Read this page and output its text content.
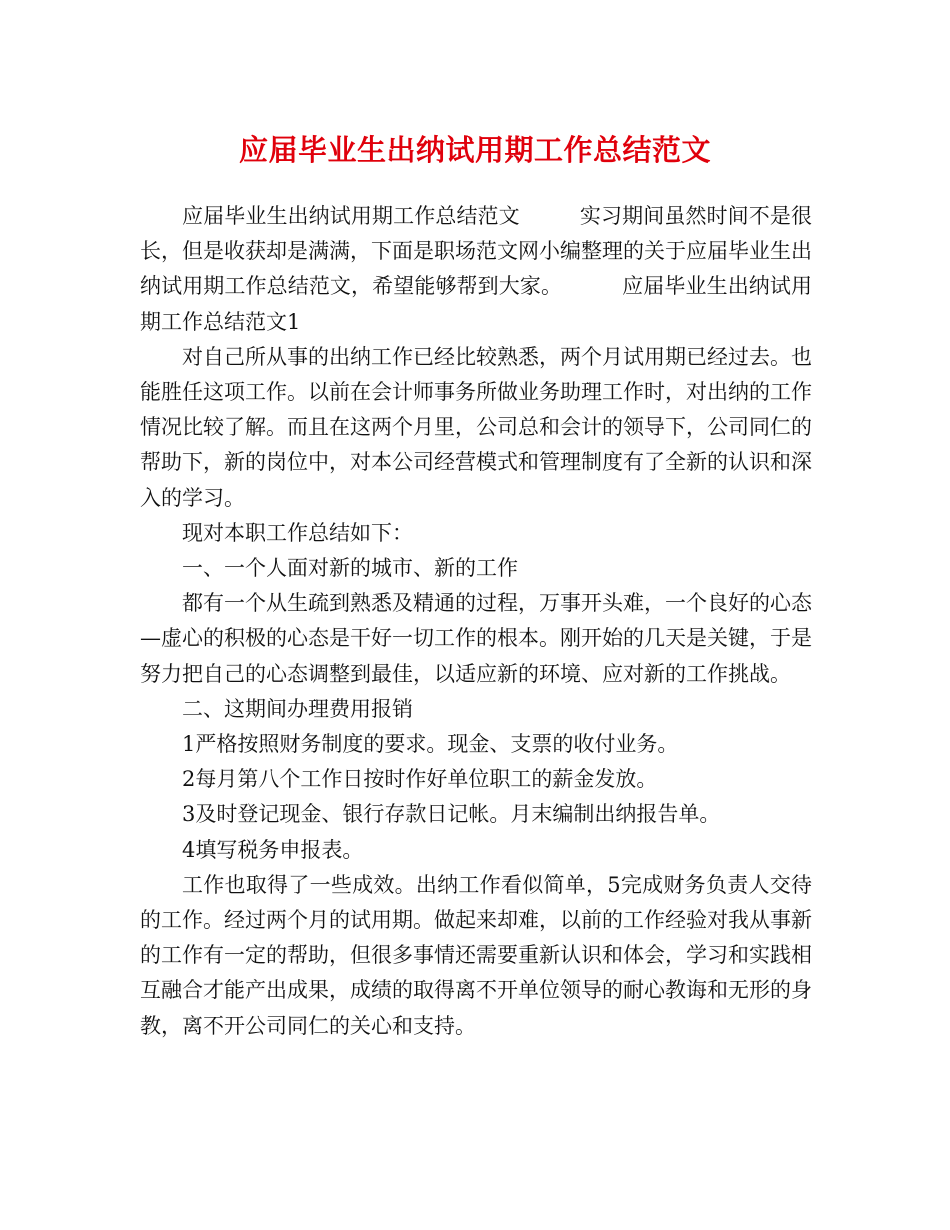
应届毕业生出纳试用期工作总结范文

应届毕业生出纳试用期工作总结范文	实习期间虽然时间不是很长，但是收获却是满满，下面是职场范文网小编整理的关于应届毕业生出纳试用期工作总结范文，希望能够帮到大家。	应届毕业生出纳试用期工作总结范文1

对自己所从事的出纳工作已经比较熟悉，两个月试用期已经过去。也能胜任这项工作。以前在会计师事务所做业务助理工作时，对出纳的工作情况比较了解。而且在这两个月里，公司总和会计的领导下，公司同仁的帮助下，新的岗位中，对本公司经营模式和管理制度有了全新的认识和深入的学习。

现对本职工作总结如下：

一、一个人面对新的城市、新的工作

都有一个从生疏到熟悉及精通的过程，万事开头难，一个良好的心态—虚心的积极的心态是干好一切工作的根本。刚开始的几天是关键，于是努力把自己的心态调整到最佳，以适应新的环境、应对新的工作挑战。

二、这期间办理费用报销

1严格按照财务制度的要求。现金、支票的收付业务。

2每月第八个工作日按时作好单位职工的薪金发放。

3及时登记现金、银行存款日记帐。月末编制出纳报告单。

4填写税务申报表。

工作也取得了一些成效。出纳工作看似简单，5完成财务负责人交待的工作。经过两个月的试用期。做起来却难，以前的工作经验对我从事新的工作有一定的帮助，但很多事情还需要重新认识和体会，学习和实践相互融合才能产出成果，成绩的取得离不开单位领导的耐心教诲和无形的身教，离不开公司同仁的关心和支持。
